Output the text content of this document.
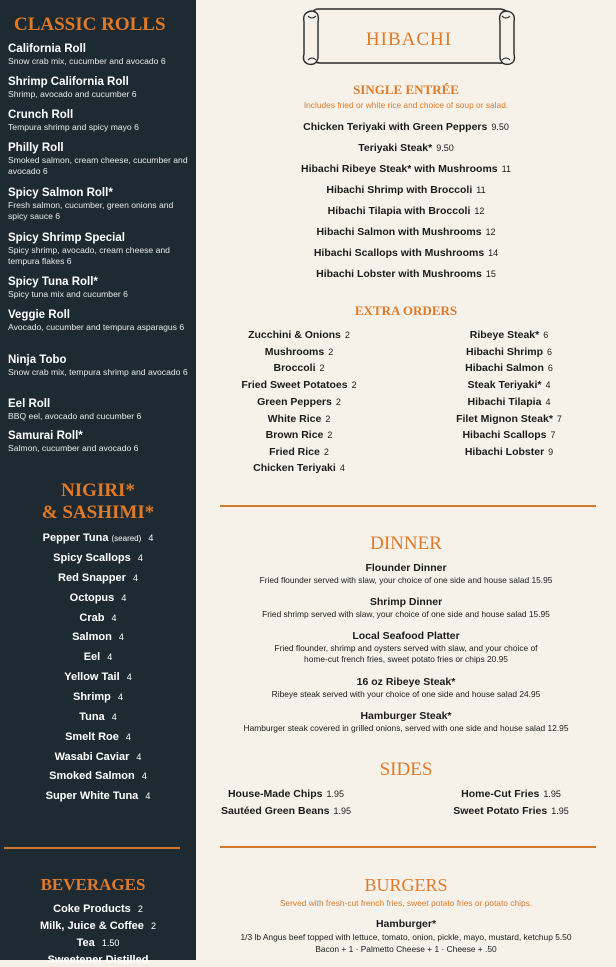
CLASSIC ROLLS
California Roll
Snow crab mix, cucumber and avocado 6
Shrimp California Roll
Shrimp, avocado and cucumber 6
Crunch Roll
Tempura shrimp and spicy mayo 6
Philly Roll
Smoked salmon, cream cheese, cucumber and avocado 6
Spicy Salmon Roll*
Fresh salmon, cucumber, green onions and spicy sauce 6
Spicy Shrimp Special
Spicy shrimp, avocado, cream cheese and tempura flakes 6
Spicy Tuna Roll*
Spicy tuna mix and cucumber 6
Veggie Roll
Avocado, cucumber and tempura asparagus 6
Ninja Tobo
Snow crab mix, tempura shrimp and avocado 6
Eel Roll
BBQ eel, avocado and cucumber 6
Samurai Roll*
Salmon, cucumber and avocado 6
NIGIRI*
& SASHIMI*
Pepper Tuna (seared) 4
Spicy Scallops 4
Red Snapper 4
Octopus 4
Crab 4
Salmon 4
Eel 4
Yellow Tail 4
Shrimp 4
Tuna 4
Smelt Roe 4
Wasabi Caviar 4
Smoked Salmon 4
Super White Tuna 4
BEVERAGES
Coke Products 2
Milk, Juice & Coffee 2
Tea 1.50
Sweetener Distilled
HIBACHI
SINGLE ENTRÉE
Includes fried or white rice and choice of soup or salad.
Chicken Teriyaki with Green Peppers 9.50
Teriyaki Steak* 9.50
Hibachi Ribeye Steak* with Mushrooms 11
Hibachi Shrimp with Broccoli 11
Hibachi Tilapia with Broccoli 12
Hibachi Salmon with Mushrooms 12
Hibachi Scallops with Mushrooms 14
Hibachi Lobster with Mushrooms 15
EXTRA ORDERS
Zucchini & Onions 2
Mushrooms 2
Broccoli 2
Fried Sweet Potatoes 2
Green Peppers 2
White Rice 2
Brown Rice 2
Fried Rice 2
Chicken Teriyaki 4
Ribeye Steak* 6
Hibachi Shrimp 6
Hibachi Salmon 6
Steak Teriyaki* 4
Hibachi Tilapia 4
Filet Mignon Steak* 7
Hibachi Scallops 7
Hibachi Lobster 9
DINNER
Flounder Dinner
Fried flounder served with slaw, your choice of one side and house salad 15.95
Shrimp Dinner
Fried shrimp served with slaw, your choice of one side and house salad 15.95
Local Seafood Platter
Fried flounder, shrimp and oysters served with slaw, and your choice of
home-cut french fries, sweet potato fries or chips 20.95
16 oz Ribeye Steak*
Ribeye steak served with your choice of one side and house salad 24.95
Hamburger Steak*
Hamburger steak covered in grilled onions, served with one side and house salad 12.95
SIDES
House-Made Chips 1.95
Sautéed Green Beans 1.95
Home-Cut Fries 1.95
Sweet Potato Fries 1.95
BURGERS
Served with fresh-cut french fries, sweet potato fries or potato chips.
Hamburger*
1/3 lb Angus beef topped with lettuce, tomato, onion, pickle, mayo, mustard, ketchup 5.50
Bacon + 1 · Palmetto Cheese + 1 · Cheese + .50
